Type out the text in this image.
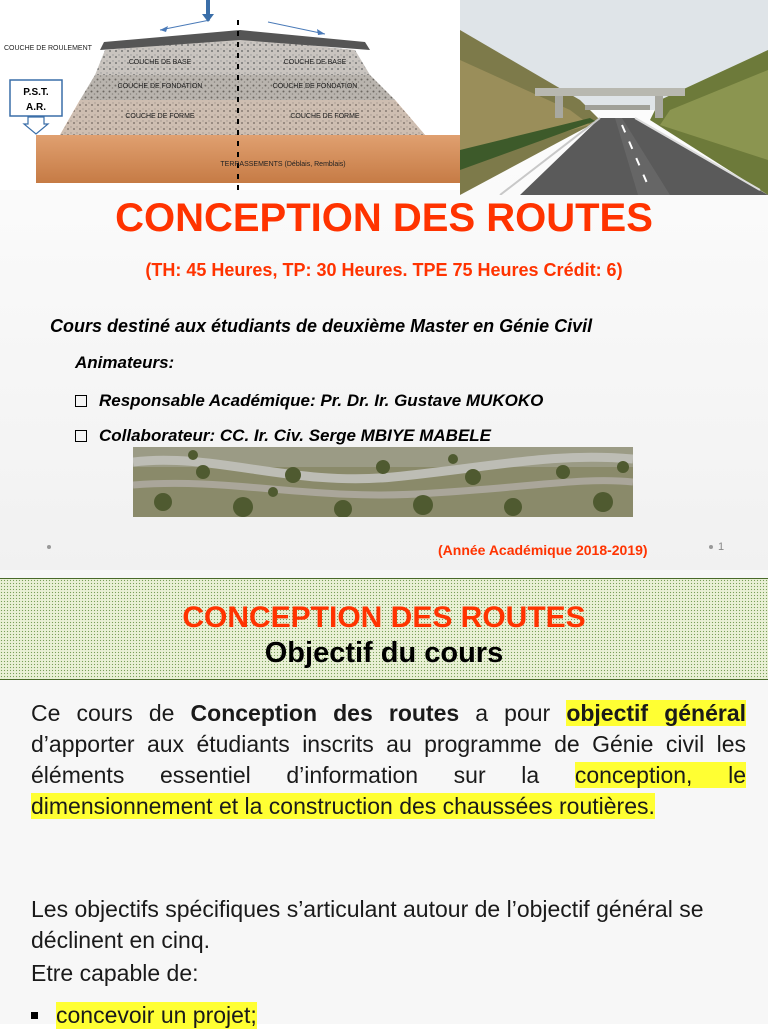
P.S.T.
A.R.
COUCHE DE ROULEMENT
COUCHE DE BASE
COUCHE DE FONDATION
COUCHE DE FORME
TERRASSEMENTS (Déblais, Remblais)
COUCHE DE BASE
COUCHE DE FONDATION
COUCHE DE FORME
CONCEPTION DES ROUTES
(TH: 45 Heures, TP: 30 Heures. TPE 75 Heures Crédit: 6)
Cours destiné aux étudiants de deuxième Master en Génie Civil
Animateurs:
Responsable Académique: Pr. Dr. Ir. Gustave MUKOKO
Collaborateur: CC. Ir. Civ. Serge MBIYE MABELE
(Année Académique 2018-2019)	1
CONCEPTION DES ROUTES
Objectif du cours
Ce cours de Conception des routes a pour objectif général d’apporter aux étudiants inscrits au programme de Génie civil les éléments essentiel d’information sur la conception, le dimensionnement et la construction des chaussées routières.
Les objectifs spécifiques s’articulant autour de l’objectif général se déclinent en cinq.
Etre capable de:
concevoir un projet;
